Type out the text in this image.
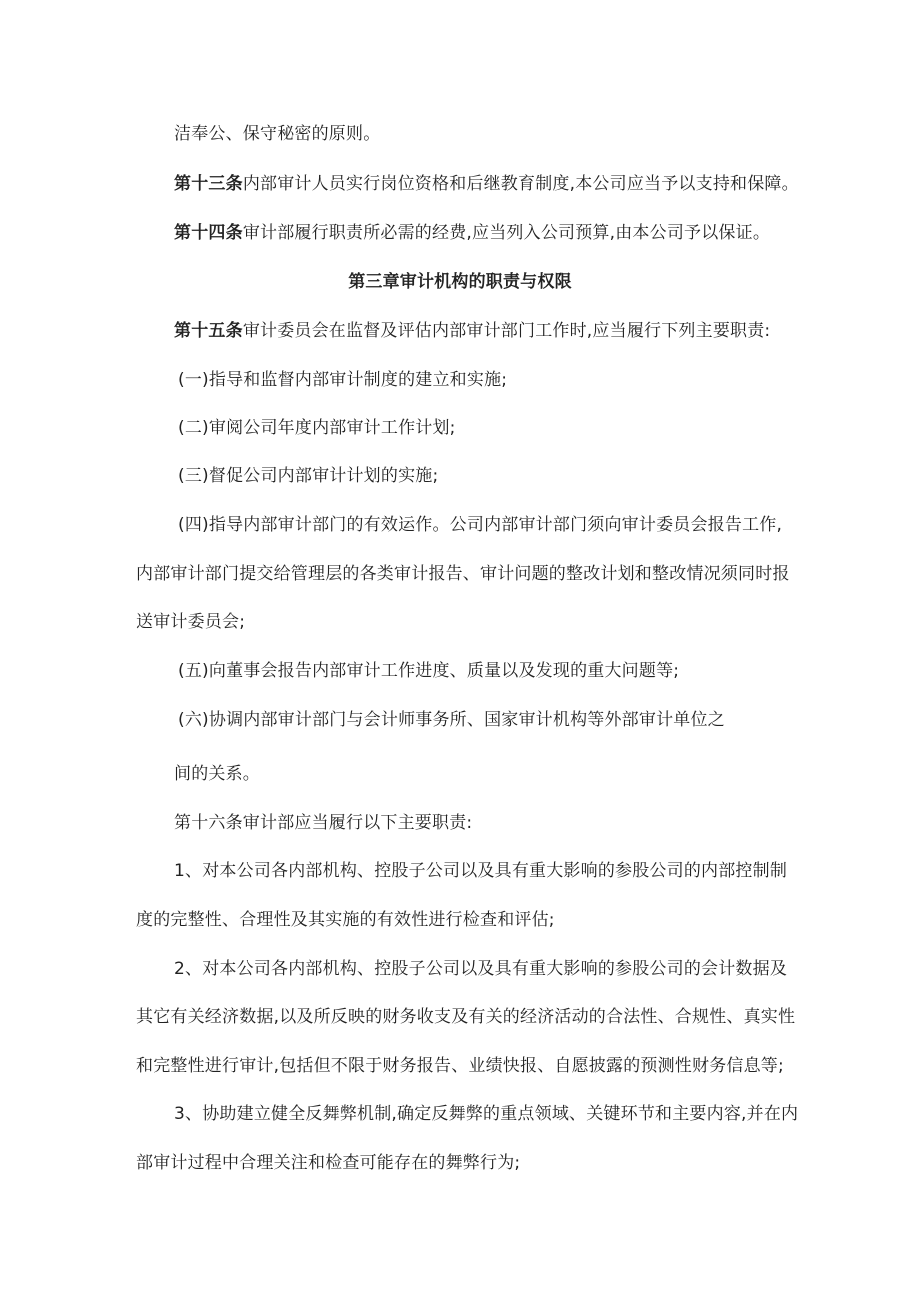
洁奉公、保守秘密的原则。
第十三条内部审计人员实行岗位资格和后继教育制度,本公司应当予以支持和保障。
第十四条审计部履行职责所必需的经费,应当列入公司预算,由本公司予以保证。
第三章审计机构的职责与权限
第十五条审计委员会在监督及评估内部审计部门工作时,应当履行下列主要职责:
(一)指导和监督内部审计制度的建立和实施;
(二)审阅公司年度内部审计工作计划;
(三)督促公司内部审计计划的实施;
(四)指导内部审计部门的有效运作。公司内部审计部门须向审计委员会报告工作,
内部审计部门提交给管理层的各类审计报告、审计问题的整改计划和整改情况须同时报
送审计委员会;
(五)向董事会报告内部审计工作进度、质量以及发现的重大问题等;
(六)协调内部审计部门与会计师事务所、国家审计机构等外部审计单位之
间的关系。
第十六条审计部应当履行以下主要职责:
1、对本公司各内部机构、控股子公司以及具有重大影响的参股公司的内部控制制
度的完整性、合理性及其实施的有效性进行检查和评估;
2、对本公司各内部机构、控股子公司以及具有重大影响的参股公司的会计数据及
其它有关经济数据,以及所反映的财务收支及有关的经济活动的合法性、合规性、真实性
和完整性进行审计,包括但不限于财务报告、业绩快报、自愿披露的预测性财务信息等;
3、协助建立健全反舞弊机制,确定反舞弊的重点领域、关键环节和主要内容,并在内
部审计过程中合理关注和检查可能存在的舞弊行为;
